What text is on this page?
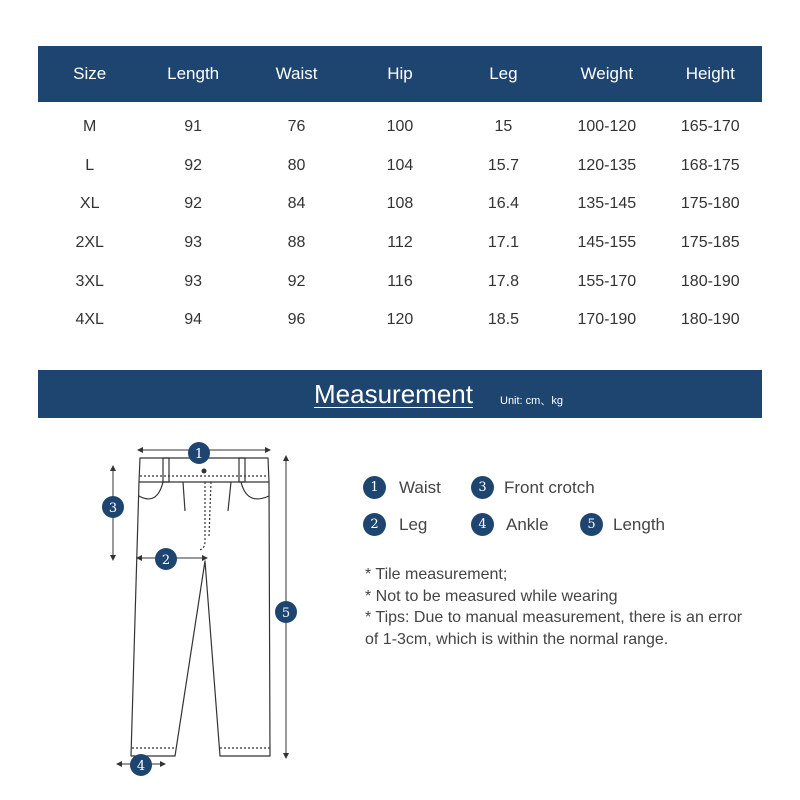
Size	Length	Waist	Hip	Leg	Weight	Height
M	91	76	100	15	100-120	165-170
L	92	80	104	15.7	120-135	168-175
XL	92	84	108	16.4	135-145	175-180
2XL	93	88	112	17.1	145-155	175-185
3XL	93	92	116	17.8	155-170	180-190
4XL	94	96	120	18.5	170-190	180-190
Measurement Unit: cm、kg
1
2
3
4
5
1	Waist	3	Front crotch
2	Leg	4	Ankle	5	Length

* Tile measurement;

* Not to be measured while wearing

* Tips: Due to manual measurement, there is an error of 1-3cm, which is within the normal range.
